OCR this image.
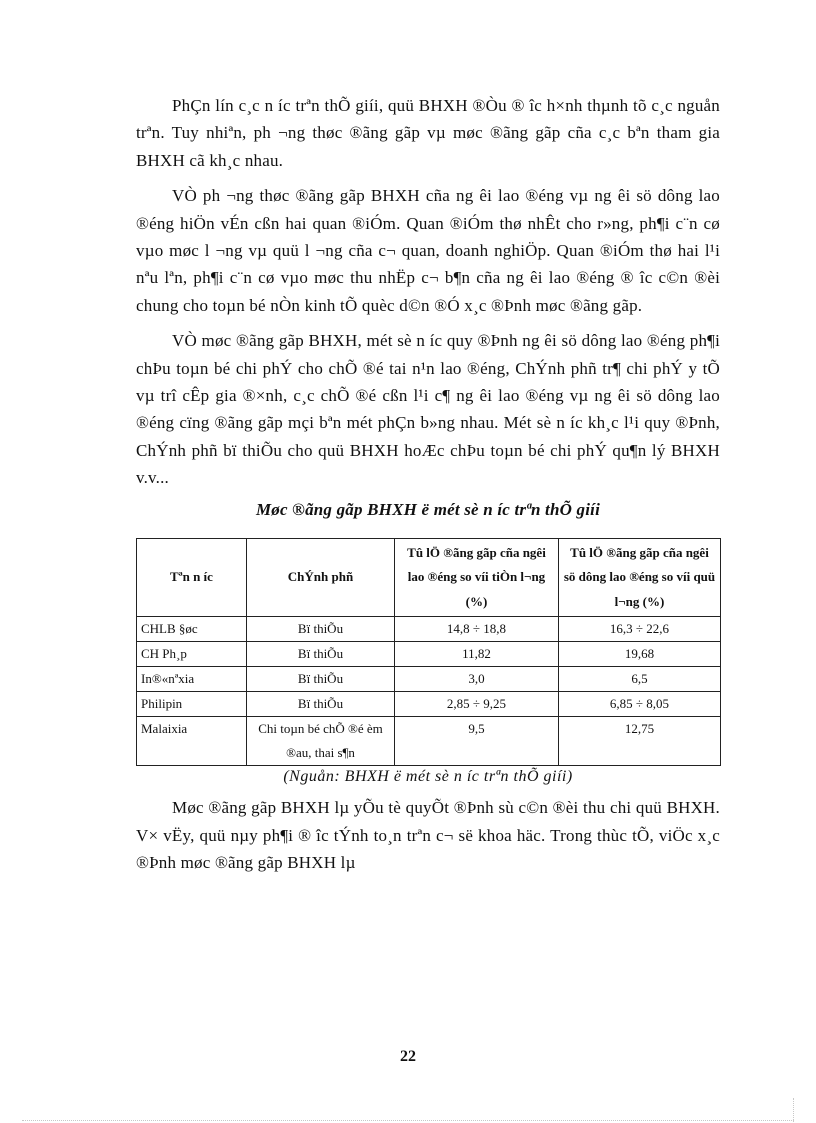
PhÇn lín c¸c n íc trªn thÕ giíi, quü BHXH ®Òu ® îc h×nh thµnh tõ c¸c nguån trªn. Tuy nhiªn, ph ¬ng thøc ®ãng gãp vµ møc ®ãng gãp cña c¸c bªn tham gia BHXH cã kh¸c nhau.

VÒ ph ¬ng thøc ®ãng gãp BHXH cña ng êi lao ®éng vµ ng êi sö dông lao ®éng hiÖn vÉn cßn hai quan ®iÓm. Quan ®iÓm thø nhÊt cho r»ng, ph¶i c¨n cø vµo møc l ¬ng vµ quü l ¬ng cña c¬ quan, doanh nghiÖp. Quan ®iÓm thø hai l¹i nªu lªn, ph¶i c¨n cø vµo møc thu nhËp c¬ b¶n cña ng êi lao ®éng ® îc c©n ®èi chung cho toµn bé nÒn kinh tÕ quèc d©n ®Ó x¸c ®Þnh møc ®ãng gãp.

VÒ møc ®ãng gãp BHXH, mét sè n íc quy ®Þnh ng êi sö dông lao ®éng ph¶i chÞu toµn bé chi phÝ cho chÕ ®é tai n¹n lao ®éng, ChÝnh phñ tr¶ chi phÝ y tÕ vµ trî cÊp gia ®×nh, c¸c chÕ ®é cßn l¹i c¶ ng êi lao ®éng vµ ng êi sö dông lao ®éng cïng ®ãng gãp mçi bªn mét phÇn b»ng nhau. Mét sè n íc kh¸c l¹i quy ®Þnh, ChÝnh phñ bï thiÕu cho quü BHXH hoÆc chÞu toµn bé chi phÝ qu¶n lý BHXH v.v...

Møc ®ãng gãp BHXH ë mét sè n íc trªn thÕ giíi
Tªn n íc	ChÝnh phñ	Tû lÖ ®ãng gãp cña ngêi lao ®éng so víi tiÒn l¬ng (%)	Tû lÖ ®ãng gãp cña ngêi sö dông lao ®éng so víi quü l¬ng (%)
CHLB §øc	Bï thiÕu	14,8 ÷ 18,8	16,3 ÷ 22,6
CH Ph¸p	Bï thiÕu	11,82	19,68
In®«nªxia	Bï thiÕu	3,0	6,5
Philipin	Bï thiÕu	2,85 ÷ 9,25	6,85 ÷ 8,05
Malaixia	Chi toµn bé chÕ ®é èm ®au, thai s¶n	9,5	12,75
(Nguån: BHXH ë mét sè n íc trªn thÕ giíi)

Møc ®ãng gãp BHXH lµ yÕu tè quyÕt ®Þnh sù c©n ®èi thu chi quü BHXH. V× vËy, quü nµy ph¶i ® îc tÝnh to¸n trªn c¬ së khoa häc. Trong thùc tÕ, viÖc x¸c ®Þnh møc ®ãng gãp BHXH lµ

22
